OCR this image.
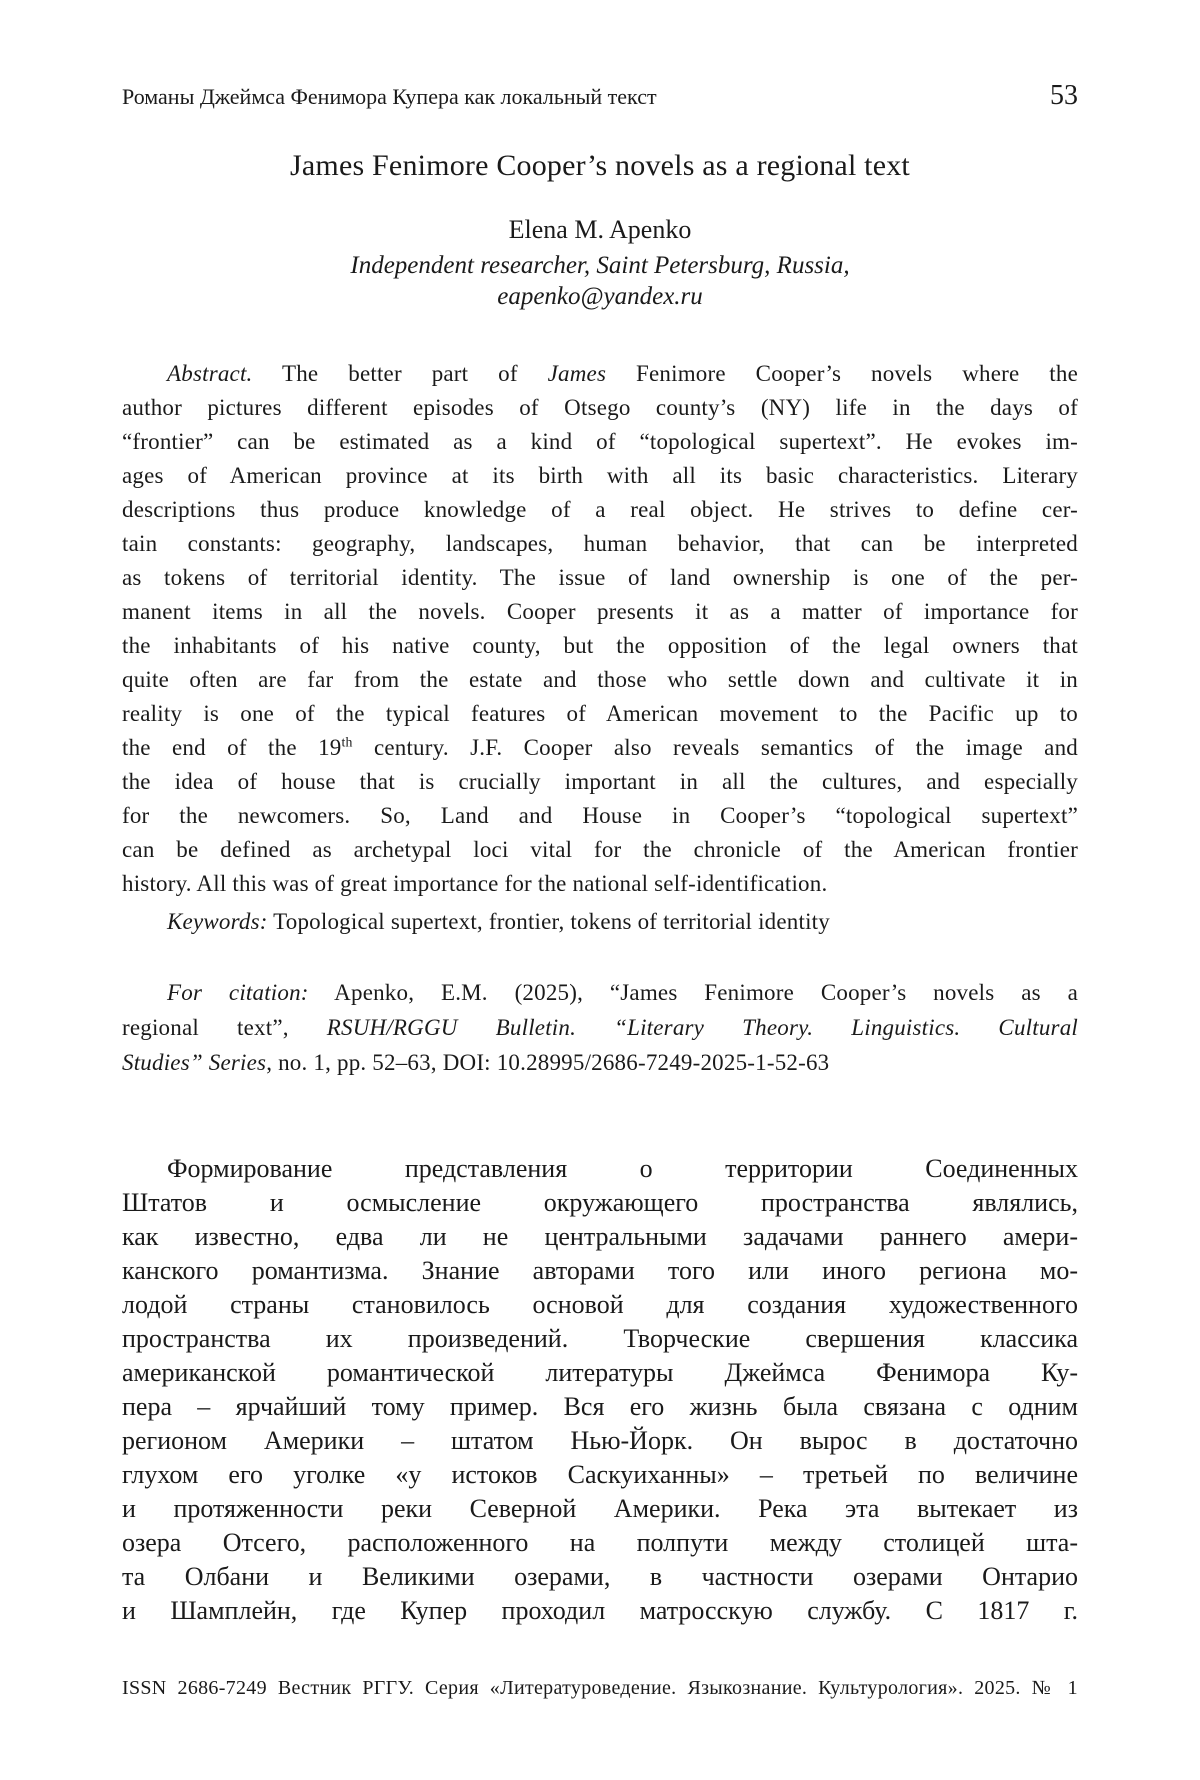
Романы Джеймса Фенимора Купера как локальный текст	53
James Fenimore Cooper’s novels as a regional text
Elena M. Apenko
Independent researcher, Saint Petersburg, Russia,
eapenko@yandex.ru
Abstract. The better part of James Fenimore Cooper’s novels where the
author pictures different episodes of Otsego county’s (NY) life in the days of
“frontier” can be estimated as a kind of “topological supertext”. He evokes im-
ages of American province at its birth with all its basic characteristics. Literary
descriptions thus produce knowledge of a real object. He strives to define cer-
tain constants: geography, landscapes, human behavior, that can be interpreted
as tokens of territorial identity. The issue of land ownership is one of the per-
manent items in all the novels. Cooper presents it as a matter of importance for
the inhabitants of his native county, but the opposition of the legal owners that
quite often are far from the estate and those who settle down and cultivate it in
reality is one of the typical features of American movement to the Pacific up to
the end of the 19th century. J.F. Cooper also reveals semantics of the image and
the idea of house that is crucially important in all the cultures, and especially
for the newcomers. So, Land and House in Cooper’s “topological supertext”
can be defined as archetypal loci vital for the chronicle of the American frontier
history. All this was of great importance for the national self-identification.
Keywords: Topological supertext, frontier, tokens of territorial identity
For citation: Apenko, E.M. (2025), “James Fenimore Cooper’s novels as a
regional text”, RSUH/RGGU Bulletin. “Literary Theory. Linguistics. Cultural
Studies” Series, no. 1, pp. 52–63, DOI: 10.28995/2686-7249-2025-1-52-63
Формирование представления о территории Соединенных
Штатов и осмысление окружающего пространства являлись,
как известно, едва ли не центральными задачами раннего амери-
канского романтизма. Знание авторами того или иного региона мо-
лодой страны становилось основой для создания художественного
пространства их произведений. Творческие свершения классика
американской романтической литературы Джеймса Фенимора Ку-
пера – ярчайший тому пример. Вся его жизнь была связана с одним
регионом Америки – штатом Нью-Йорк. Он вырос в достаточно
глухом его уголке «у истоков Саскуиханны» – третьей по величине
и протяженности реки Северной Америки. Река эта вытекает из
озера Отсего, расположенного на полпути между столицей шта-
та Олбани и Великими озерами, в частности озерами Онтарио
и Шамплейн, где Купер проходил матросскую службу. С 1817 г.
ISSN 2686-7249 Вестник РГГУ. Серия «Литературоведение. Языкознание. Культурология». 2025. № 1
